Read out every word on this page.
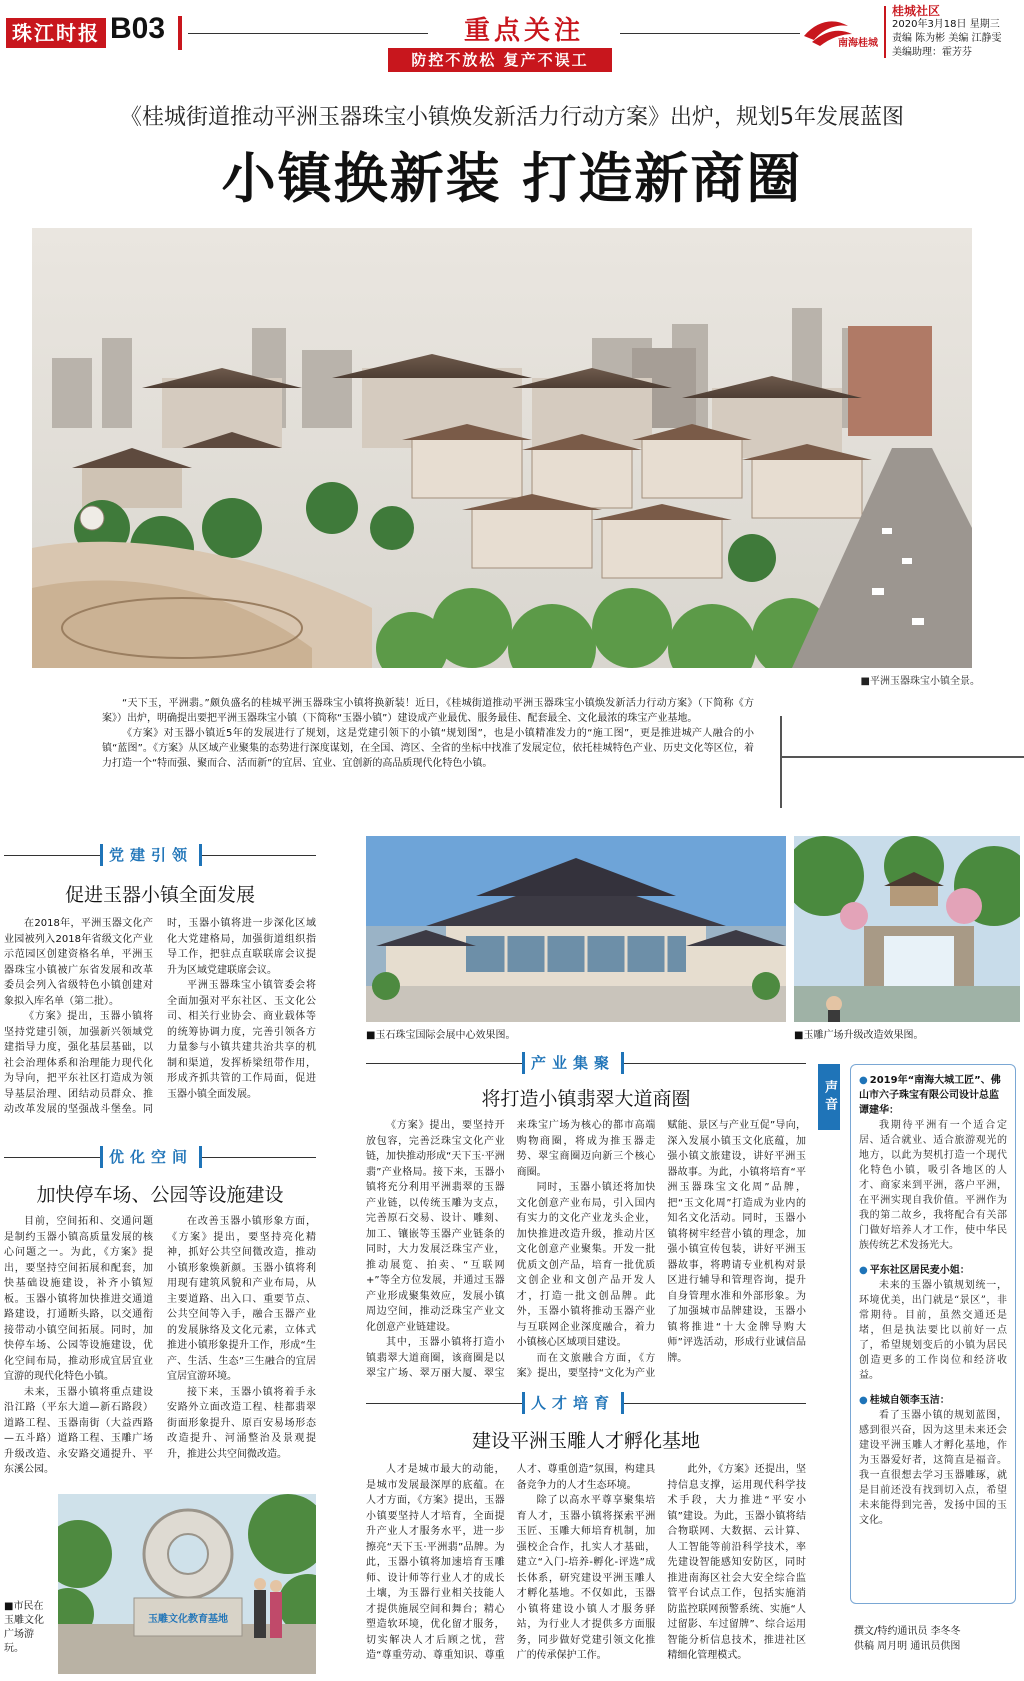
珠江时报 B03	重点关注
防控不放松 复产不误工
南海桂城
桂城社区
2020年3月18日 星期三
责编 陈为彬 美编 江静雯
美编助理：霍芳芬
《桂城街道推动平洲玉器珠宝小镇焕发新活力行动方案》出炉，规划5年发展蓝图
小镇换新装 打造新商圈
■平洲玉器珠宝小镇全景。

“天下玉，平洲翡。”颇负盛名的桂城平洲玉器珠宝小镇将换新装！近日，《桂城街道推动平洲玉器珠宝小镇焕发新活力行动方案》（下简称《方案》）出炉，明确提出要把平洲玉器珠宝小镇（下简称“玉器小镇”）建设成产业最优、服务最佳、配套最全、文化最浓的珠宝产业基地。

《方案》对玉器小镇近5年的发展进行了规划，这是党建引领下的小镇“规划图”，也是小镇精准发力的“施工图”，更是推进城产人融合的小镇“蓝图”。《方案》从区域产业聚集的态势进行深度谋划，在全国、湾区、全省的坐标中找准了发展定位，依托桂城特色产业、历史文化等区位，着力打造一个“特而强、聚而合、活而新”的宜居、宜业、宜创新的高品质现代化特色小镇。

党建引领
促进玉器小镇全面发展

在2018年，平洲玉器文化产业园被列入2018年省级文化产业示范园区创建资格名单，平洲玉器珠宝小镇被广东省发展和改革委员会列入省级特色小镇创建对象拟入库名单（第二批）。

《方案》提出，玉器小镇将坚持党建引领，加强新兴领域党建指导力度，强化基层基础，以社会治理体系和治理能力现代化为导向，把平东社区打造成为领导基层治理、团结动员群众、推动改革发展的坚强战斗堡垒。同时，玉器小镇将进一步深化区域化大党建格局，加强街道组织指导工作，把驻点直联联席会议提升为区域党建联席会议。

平洲玉器珠宝小镇管委会将全面加强对平东社区、玉文化公司、相关行业协会、商业载体等的统筹协调力度，完善引领各方力量参与小镇共建共治共享的机制和渠道，发挥桥梁纽带作用，形成齐抓共管的工作局面，促进玉器小镇全面发展。

优化空间
加快停车场、公园等设施建设

目前，空间拓和、交通问题是制约玉器小镇高质量发展的核心问题之一。为此，《方案》提出，要坚持空间拓展和配套，加快基础设施建设，补齐小镇短板。玉器小镇将加快推进交通道路建设，打通断头路，以交通衔接带动小镇空间拓展。同时，加快停车场、公园等设施建设，优化空间布局，推动形成宜居宜业宜游的现代化特色小镇。

未来，玉器小镇将重点建设沿江路（平东大道—新石路段）道路工程、玉器南街（大益西路—五斗路）道路工程、玉雕广场升级改造、永安路交通提升、平东溪公园。

在改善玉器小镇形象方面，《方案》提出，要坚持亮化精神，抓好公共空间微改造，推动小镇形象焕新颜。玉器小镇将利用现有建筑风貌和产业布局，从主要道路、出入口、重要节点、公共空间等入手，融合玉器产业的发展脉络及文化元素，立体式推进小镇形象提升工作，形成“生产、生活、生态”三生融合的宜居宜居宜游环境。

接下来，玉器小镇将着手永安路外立面改造工程、桂都翡翠街面形象提升、原百安易场形态改造提升、河涌整治及景观提升，推进公共空间微改造。

玉雕文化教育基地
■市民在玉雕文化广场游玩。
■玉石珠宝国际会展中心效果图。	■玉雕广场升级改造效果图。
产业集聚
将打造小镇翡翠大道商圈

《方案》提出，要坚持开放包容，完善泛珠宝文化产业链，加快推动形成“天下玉·平洲翡”产业格局。接下来，玉器小镇将充分利用平洲翡翠的玉器产业链，以传统玉雕为支点，完善原石交易、设计、雕刻、加工、镶嵌等玉器产业链条的同时，大力发展泛珠宝产业，推动展览、拍卖、“互联网+”等全方位发展，并通过玉器产业形成聚集效应，发展小镇周边空间，推动泛珠宝产业文化创意产业链建设。

其中，玉器小镇将打造小镇翡翠大道商圈，该商圈是以翠宝广场、翠万丽大厦、翠宝来珠宝广场为核心的都市高端购物商圈，将成为推玉器走势、翠宝商圈迈向新三个核心商圈。

同时，玉器小镇还将加快文化创意产业布局，引入国内有实力的文化产业龙头企业，加快推进改造升级，推动片区文化创意产业聚集。开发一批优质文创产品，培育一批优质文创企业和文创产品开发人才，打造一批文创品牌。此外，玉器小镇将推动玉器产业与互联网企业深度融合，着力小镇核心区域项目建设。

而在文旅融合方面，《方案》提出，要坚持“文化为产业赋能、景区与产业互促”导向，深入发展小镇玉文化底蕴，加强小镇文旅建设，讲好平洲玉器故事。为此，小镇将培育“平洲玉器珠宝文化周”品牌，把“玉文化周”打造成为业内的知名文化活动。同时，玉器小镇将树牢经营小镇的理念，加强小镇宣传包装，讲好平洲玉器故事，将聘请专业机构对景区进行辅导和管理咨询，提升自身管理水准和外部形象。为了加强城市品牌建设，玉器小镇将推进“十大金牌导购大师”评选活动，形成行业诚信品牌。

人才培育
建设平洲玉雕人才孵化基地

人才是城市最大的动能，是城市发展最深厚的底蕴。在人才方面，《方案》提出，玉器小镇要坚持人才培育，全面提升产业人才服务水平，进一步擦亮“天下玉·平洲翡”品牌。为此，玉器小镇将加速培育玉雕师、设计师等行业人才的成长土壤，为玉器行业相关技能人才提供施展空间和舞台；精心塑造软环境，优化留才服务，切实解决人才后顾之忧，营造“尊重劳动、尊重知识、尊重人才、尊重创造”氛围，构建具备竞争力的人才生态环境。

除了以高水平尊享聚集培育人才，玉器小镇将探索平洲玉匠、玉雕大师培育机制，加强校企合作，扎实人才基础，建立“入门-培养-孵化-评选”成长体系，研究建设平洲玉雕人才孵化基地。不仅如此，玉器小镇将建设小镇人才服务驿站，为行业人才提供多方面服务，同步做好党建引领文化推广的传承保护工作。

此外，《方案》还提出，坚持信息支撑，运用现代科学技术手段，大力推进“平安小镇”建设。为此，玉器小镇将结合物联网、大数据、云计算、人工智能等前沿科学技术，率先建设智能感知安防区，同时推进南海区社会大安全综合监管平台试点工作，包括实施消防监控联网预警系统、实施“人过留影、车过留牌”、综合运用智能分析信息技术，推进社区精细化管理模式。

声音
●	2019年“南海大城工匠”、佛山市六子珠宝有限公司设计总监谭建华：
我期待平洲有一个适合定居、适合就业、适合旅游观光的地方，以此为契机打造一个现代化特色小镇，吸引各地区的人才、商家来到平洲，落户平洲，在平洲实现自我价值。平洲作为我的第二故乡，我将配合有关部门做好培养人才工作，使中华民族传统艺术发扬光大。
● 平东社区居民麦小姐：
未来的玉器小镇规划统一，环境优美，出门就是“景区”，非常期待。目前，虽然交通还是堵，但是执法要比以前好一点了，希望规划变后的小镇为居民创造更多的工作岗位和经济收益。
● 桂城自领李玉洁：
看了玉器小镇的规划蓝图，感到很兴奋，因为这里未来还会建设平洲玉雕人才孵化基地，作为玉器爱好者，这简直是福音。我一直很想去学习玉器雕琢，就是目前还没有找到切入点，希望未来能得到完善，发扬中国的玉文化。
撰文/特约通讯员 李冬冬
供稿 周月明 通讯员供图
